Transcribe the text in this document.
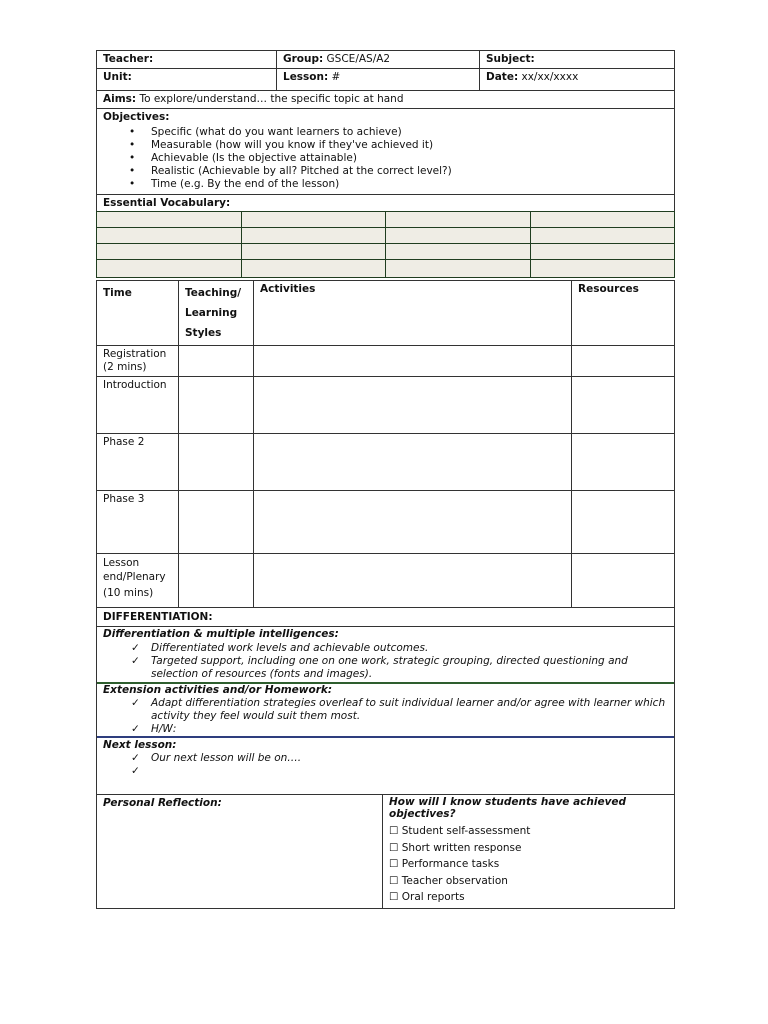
Teacher:	Group: GSCE/AS/A2	Subject:
Unit:	Lesson: #	Date: xx/xx/xxxx
Aims: To explore/understand… the specific topic at hand

Objectives:
• Specific (what do you want learners to achieve)
• Measurable (how will you know if they've achieved it)
• Achievable (Is the objective attainable)
• Realistic (Achievable by all? Pitched at the correct level?)
• Time (e.g. By the end of the lesson)

Essential Vocabulary:

Time	Teaching/
Learning
Styles	Activities	Resources

Registration
(2 mins)			

Introduction			

Phase 2			

Phase 3			

Lesson
end/Plenary
(10 mins)			

DIFFERENTIATION:
Differentiation & multiple intelligences:
✓ Differentiated work levels and achievable outcomes.
✓ Targeted support, including one on one work, strategic grouping, directed questioning and
selection of resources (fonts and images).
Extension activities and/or Homework:
✓ Adapt differentiation strategies overleaf to suit individual learner and/or agree with learner which
activity they feel would suit them most.
✓ H/W:
Next lesson:
✓ Our next lesson will be on….
✓
Personal Reflection:	How will I know students have achieved
objectives?
☐ Student self-assessment
☐ Short written response
☐ Performance tasks
☐ Teacher observation
☐ Oral reports
